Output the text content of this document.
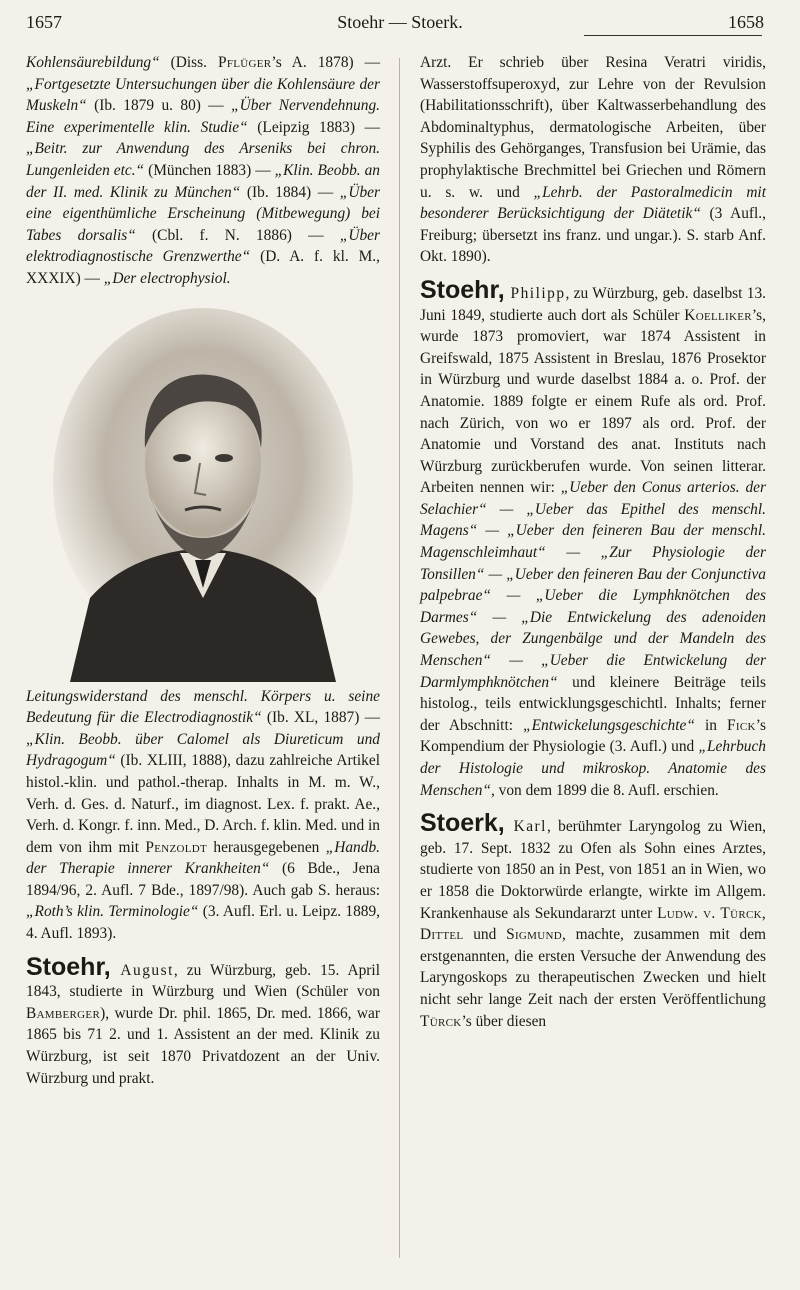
1657	Stoehr — Stoerk.	1658

Kohlensäurebildung“ (Diss. Pflüger’s A. 1878) — „Fortgesetzte Untersuchungen über die Kohlensäure der Muskeln“ (Ib. 1879 u. 80) — „Über Nervendehnung. Eine experimentelle klin. Studie“ (Leipzig 1883) — „Beitr. zur Anwendung des Arseniks bei chron. Lungenleiden etc.“ (München 1883) — „Klin. Beobb. an der II. med. Klinik zu München“ (Ib. 1884) — „Über eine eigenthümliche Erscheinung (Mitbewegung) bei Tabes dorsalis“ (Cbl. f. N. 1886) — „Über elektrodiagnostische Grenzwerthe“ (D. A. f. kl. M., XXXIX) — „Der electrophysiol.

Leitungswiderstand des menschl. Körpers u. seine Bedeutung für die Electrodiagnostik“ (Ib. XL, 1887) — „Klin. Beobb. über Calomel als Diureticum und Hydragogum“ (Ib. XLIII, 1888), dazu zahlreiche Artikel histol.-klin. und pathol.-therap. Inhalts in M. m. W., Verh. d. Ges. d. Naturf., im diagnost. Lex. f. prakt. Ae., Verh. d. Kongr. f. inn. Med., D. Arch. f. klin. Med. und in dem von ihm mit Penzoldt herausgegebenen „Handb. der Therapie innerer Krankheiten“ (6 Bde., Jena 1894/96, 2. Aufl. 7 Bde., 1897/98). Auch gab S. heraus: „Roth’s klin. Terminologie“ (3. Aufl. Erl. u. Leipz. 1889, 4. Aufl. 1893).

Stoehr, August, zu Würzburg, geb. 15. April 1843, studierte in Würzburg und Wien (Schüler von Bamberger), wurde Dr. phil. 1865, Dr. med. 1866, war 1865 bis 71 2. und 1. Assistent an der med. Klinik zu Würzburg, ist seit 1870 Privatdozent an der Univ. Würzburg und prakt.

Arzt. Er schrieb über Resina Veratri viridis, Wasserstoffsuperoxyd, zur Lehre von der Revulsion (Habilitationsschrift), über Kaltwasserbehandlung des Abdominaltyphus, dermatologische Arbeiten, über Syphilis des Gehörganges, Transfusion bei Urämie, das prophylaktische Brechmittel bei Griechen und Römern u. s. w. und „Lehrb. der Pastoralmedicin mit besonderer Berücksichtigung der Diätetik“ (3 Aufl., Freiburg; übersetzt ins franz. und ungar.). S. starb Anf. Okt. 1890).

Stoehr, Philipp, zu Würzburg, geb. daselbst 13. Juni 1849, studierte auch dort als Schüler Koelliker’s, wurde 1873 promoviert, war 1874 Assistent in Greifswald, 1875 Assistent in Breslau, 1876 Prosektor in Würzburg und wurde daselbst 1884 a. o. Prof. der Anatomie. 1889 folgte er einem Rufe als ord. Prof. nach Zürich, von wo er 1897 als ord. Prof. der Anatomie und Vorstand des anat. Instituts nach Würzburg zurückberufen wurde. Von seinen litterar. Arbeiten nennen wir: „Ueber den Conus arterios. der Selachier“ — „Ueber das Epithel des menschl. Magens“ — „Ueber den feineren Bau der menschl. Magenschleimhaut“ — „Zur Physiologie der Tonsillen“ — „Ueber den feineren Bau der Conjunctiva palpebrae“ — „Ueber die Lymphknötchen des Darmes“ — „Die Entwickelung des adenoiden Gewebes, der Zungenbälge und der Mandeln des Menschen“ — „Ueber die Entwickelung der Darmlymphknötchen“ und kleinere Beiträge teils histolog., teils entwicklungsgeschichtl. Inhalts; ferner der Abschnitt: „Entwickelungsgeschichte“ in Fick’s Kompendium der Physiologie (3. Aufl.) und „Lehrbuch der Histologie und mikroskop. Anatomie des Menschen“, von dem 1899 die 8. Aufl. erschien.

Stoerk, Karl, berühmter Laryngolog zu Wien, geb. 17. Sept. 1832 zu Ofen als Sohn eines Arztes, studierte von 1850 an in Pest, von 1851 an in Wien, wo er 1858 die Doktorwürde erlangte, wirkte im Allgem. Krankenhause als Sekundararzt unter Ludw. v. Türck, Dittel und Sigmund, machte, zusammen mit dem erstgenannten, die ersten Versuche der Anwendung des Laryngoskops zu therapeutischen Zwecken und hielt nicht sehr lange Zeit nach der ersten Veröffentlichung Türck’s über diesen
